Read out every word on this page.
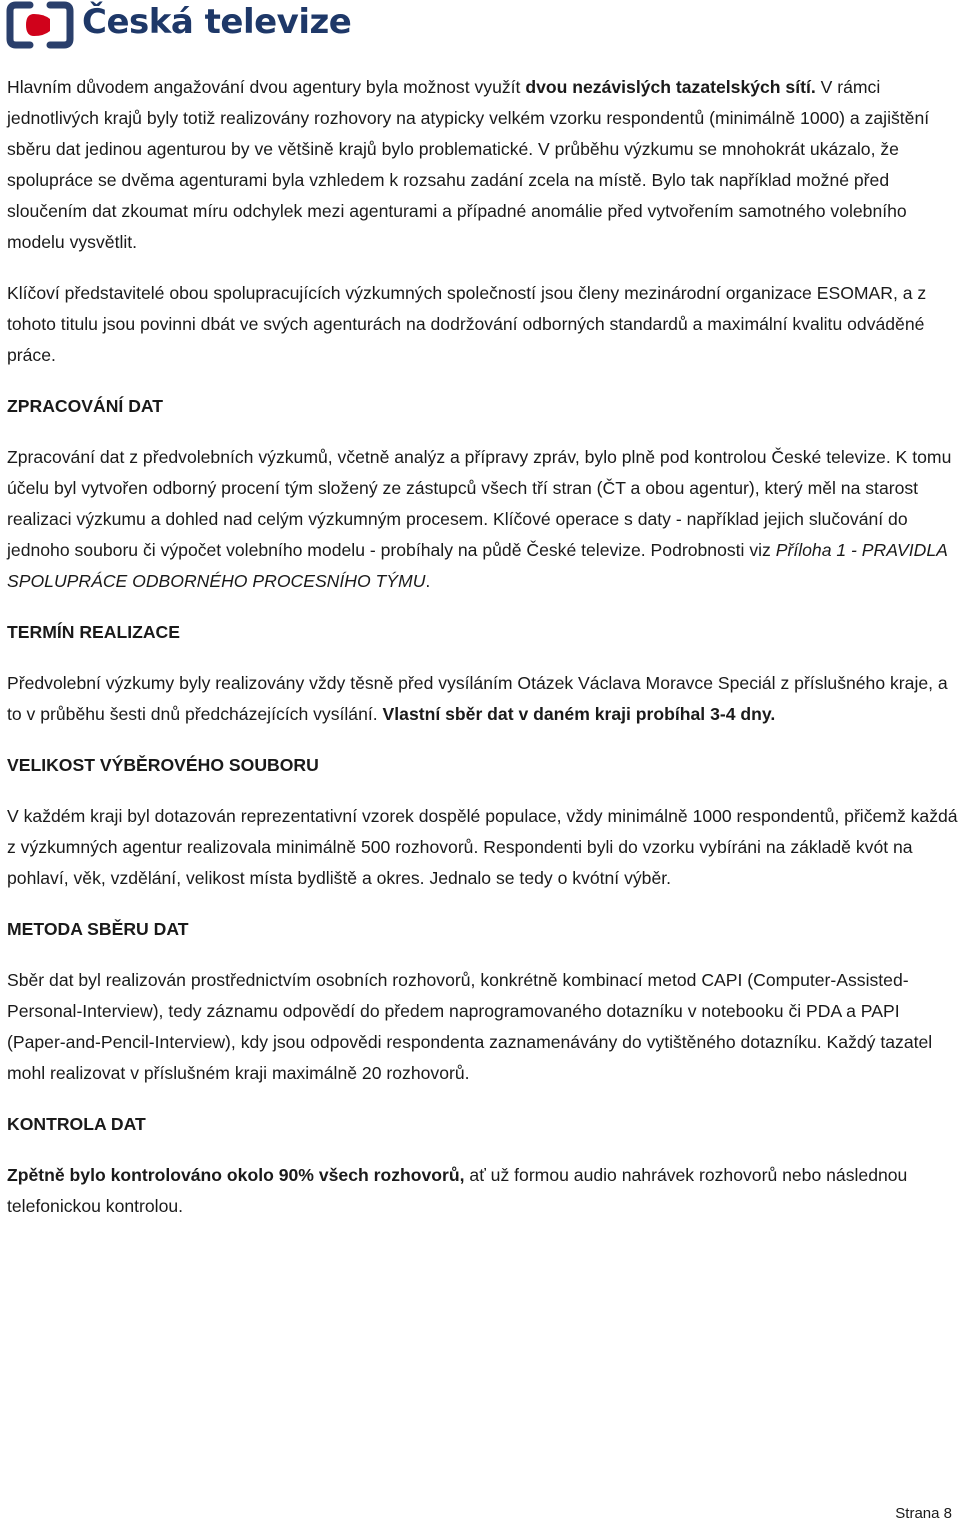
Česká televize

Hlavním důvodem angažování dvou agentury byla možnost využít dvou nezávislých tazatelských sítí. V rámci jednotlivých krajů byly totiž realizovány rozhovory na atypicky velkém vzorku respondentů (minimálně 1000) a zajištění sběru dat jedinou agenturou by ve většině krajů bylo problematické. V průběhu výzkumu se mnohokrát ukázalo, že spolupráce se dvěma agenturami byla vzhledem k rozsahu zadání zcela na místě. Bylo tak například možné před sloučením dat zkoumat míru odchylek mezi agenturami a případné anomálie před vytvořením samotného volebního modelu vysvětlit.

Klíčoví představitelé obou spolupracujících výzkumných společností jsou členy mezinárodní organizace ESOMAR, a z tohoto titulu jsou povinni dbát ve svých agenturách na dodržování odborných standardů a maximální kvalitu odváděné práce.

ZPRACOVÁNÍ DAT

Zpracování dat z předvolebních výzkumů, včetně analýz a přípravy zpráv, bylo plně pod kontrolou České televize. K tomu účelu byl vytvořen odborný procení tým složený ze zástupců všech tří stran (ČT a obou agentur), který měl na starost realizaci výzkumu a dohled nad celým výzkumným procesem. Klíčové operace s daty - například jejich slučování do jednoho souboru či výpočet volebního modelu - probíhaly na půdě České televize. Podrobnosti viz Příloha 1 - PRAVIDLA SPOLUPRÁCE ODBORNÉHO PROCESNÍHO TÝMU.

TERMÍN REALIZACE

Předvolební výzkumy byly realizovány vždy těsně před vysíláním Otázek Václava Moravce Speciál z příslušného kraje, a to v průběhu šesti dnů předcházejících vysílání. Vlastní sběr dat v daném kraji probíhal 3-4 dny.

VELIKOST VÝBĚROVÉHO SOUBORU

V každém kraji byl dotazován reprezentativní vzorek dospělé populace, vždy minimálně 1000 respondentů, přičemž každá z výzkumných agentur realizovala minimálně 500 rozhovorů. Respondenti byli do vzorku vybíráni na základě kvót na pohlaví, věk, vzdělání, velikost místa bydliště a okres. Jednalo se tedy o kvótní výběr.

METODA SBĚRU DAT

Sběr dat byl realizován prostřednictvím osobních rozhovorů, konkrétně kombinací metod CAPI (Computer-Assisted-Personal-Interview), tedy záznamu odpovědí do předem naprogramovaného dotazníku v notebooku či PDA a PAPI (Paper-and-Pencil-Interview), kdy jsou odpovědi respondenta zaznamenávány do vytištěného dotazníku. Každý tazatel mohl realizovat v příslušném kraji maximálně 20 rozhovorů.

KONTROLA DAT

Zpětně bylo kontrolováno okolo 90% všech rozhovorů, ať už formou audio nahrávek rozhovorů nebo následnou telefonickou kontrolou.

Strana 8
